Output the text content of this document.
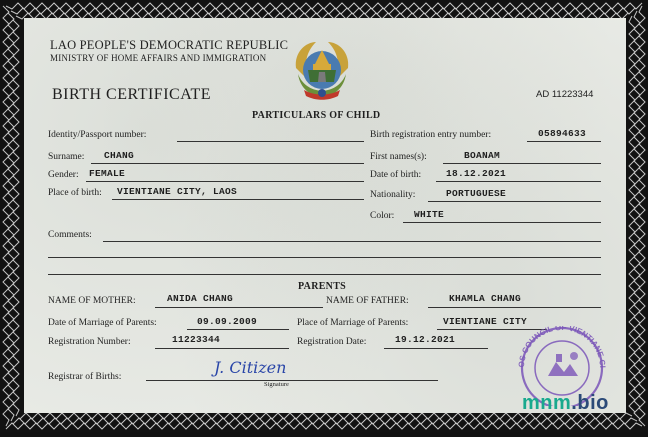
LAO PEOPLE'S DEMOCRATIC REPUBLIC
MINISTRY OF HOME AFFAIRS AND IMMIGRATION
BIRTH CERTIFICATE	AD 11223344
PARTICULARS OF CHILD
Identity/Passport number:	Birth registration entry number:	05894633
Surname: CHANG	First names(s):	BOANAM
Gender: FEMALE	Date of birth:	18.12.2021
Place of birth: VIENTIANE CITY, LAOS	Nationality:	PORTUGUESE
Color: WHITE
Comments:
PARENTS
NAME OF MOTHER:	ANIDA CHANG	NAME OF FATHER:	KHAMLA CHANG
Date of Marriage of Parents:	09.09.2009	Place of Marriage of Parents:	VIENTIANE CITY
Registration Number:	11223344	Registration Date:	19.12.2021
Registrar of Births:	J. Citizen
Signature
OS COUNCIL OF VIENTIANE CI
mnm.bio
